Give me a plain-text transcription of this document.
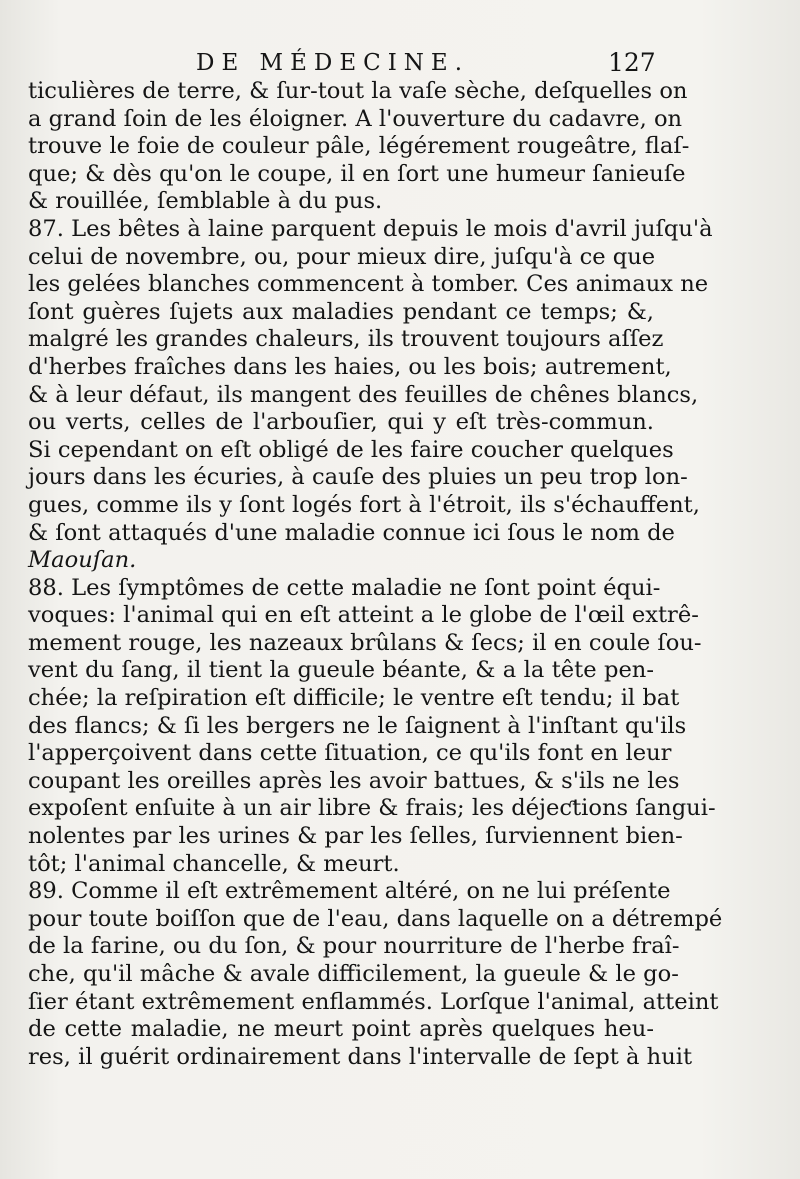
DE MÉDECINE.	127
ticulières de terre, & ſur-tout la vaſe sèche, deſquelles on
a grand ſoin de les éloigner. A l'ouverture du cadavre, on
trouve le foie de couleur pâle, légérement rougeâtre, flaſ-
que; & dès qu'on le coupe, il en ſort une humeur ſanieuſe
& rouillée, ſemblable à du pus.
87. Les bêtes à laine parquent depuis le mois d'avril juſqu'à
celui de novembre, ou, pour mieux dire, juſqu'à ce que
les gelées blanches commencent à tomber. Ces animaux ne
ſont guères ſujets aux maladies pendant ce temps; &,
malgré les grandes chaleurs, ils trouvent toujours aſſez
d'herbes fraîches dans les haies, ou les bois; autrement,
& à leur défaut, ils mangent des feuilles de chênes blancs,
ou verts, celles de l'arbouſier, qui y eſt très-commun.
Si cependant on eſt obligé de les faire coucher quelques
jours dans les écuries, à cauſe des pluies un peu trop lon-
gues, comme ils y ſont logés fort à l'étroit, ils s'échauffent,
& ſont attaqués d'une maladie connue ici ſous le nom de
Maouſan.
88. Les ſymptômes de cette maladie ne ſont point équi-
voques: l'animal qui en eſt atteint a le globe de l'œil extrê-
mement rouge, les nazeaux brûlans & ſecs; il en coule ſou-
vent du ſang, il tient la gueule béante, & a la tête pen-
chée; la reſpiration eſt difficile; le ventre eſt tendu; il bat
des flancs; & ſi les bergers ne le ſaignent à l'inſtant qu'ils
l'apperçoivent dans cette ſituation, ce qu'ils font en leur
coupant les oreilles après les avoir battues, & s'ils ne les
expoſent enſuite à un air libre & frais; les déjeƈtions ſangui-
nolentes par les urines & par les ſelles, ſurviennent bien-
tôt; l'animal chancelle, & meurt.
89. Comme il eſt extrêmement altéré, on ne lui préſente
pour toute boiſſon que de l'eau, dans laquelle on a détrempé
de la farine, ou du ſon, & pour nourriture de l'herbe fraî-
che, qu'il mâche & avale difficilement, la gueule & le go-
ſier étant extrêmement enflammés. Lorſque l'animal, atteint
de cette maladie, ne meurt point après quelques heu-
res, il guérit ordinairement dans l'intervalle de ſept à huit
